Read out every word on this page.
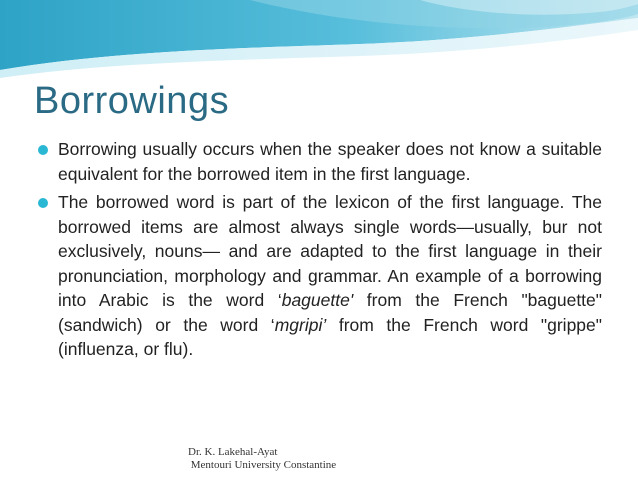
Borrowings
Borrowing usually occurs when the speaker does not know a suitable equivalent for the borrowed item in the first language.
The borrowed word is part of the lexicon of the first language. The borrowed items are almost always single words—usually, bur not exclusively, nouns— and are adapted to the first language in their pronunciation, morphology and grammar. An example of a borrowing into Arabic is the word ‘baguette' from the French "baguette" (sandwich) or the word ‘mgripi’ from the French word "grippe" (influenza, or flu).
Dr. K. Lakehal-Ayat
Mentouri University Constantine
